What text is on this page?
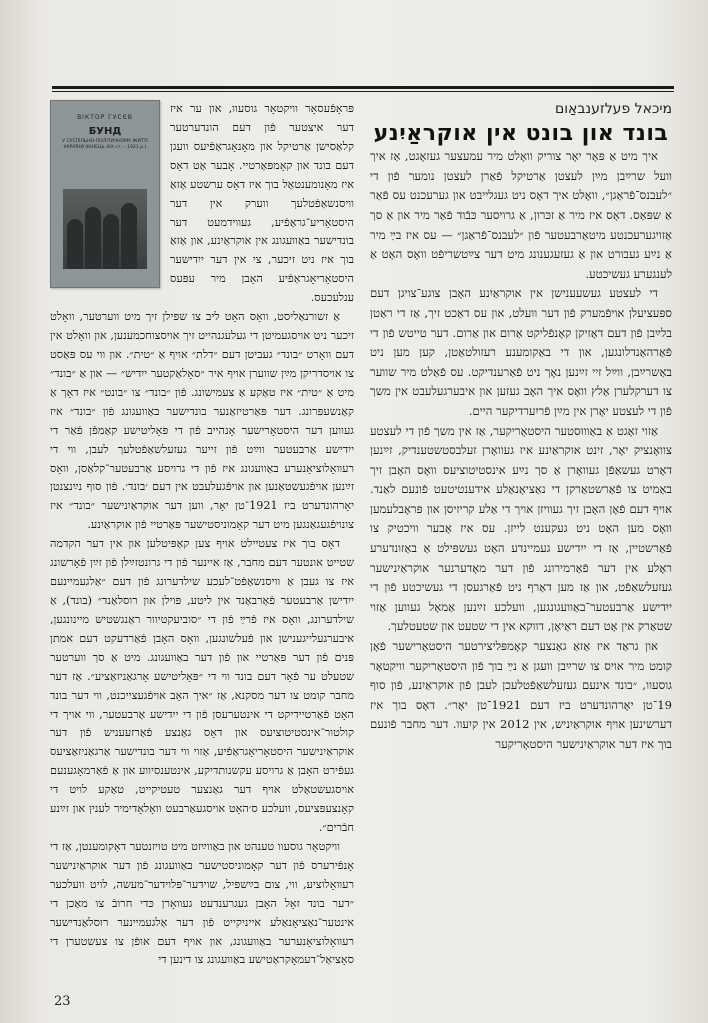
מיכאל פעלזענבאַום
בונד און בונט אין אוקראַיִנע

איך מיט אַ פּאָר יאָר צוריק וואָלט מיר עמעצער געזאָגט, אַז איך וועל שרײַבן מײַן לעצטן אַרטיקל פֿאַרן לעצטן נומער פֿון די ״לעבנס־פֿראַגן״, וואָלט איך דאָס ניט געגלייבט און גערעכנט עס פֿאַר אַ שפּאַס. דאָס איז מיר אַ זכּרון, אַ גרויסער כּבֿוד פֿאַר מיר און אַ סך אַזויגערעכנטע מיטאַרבעטער פֿון ״לעבנס־פֿראַגן״ — עס איז בײַ מיר אַ נײַע געבורט און אַ געזעגענונג מיט דער צײַטשריפֿט וואָס האָט אַ לענגערע געשיכטע.

די לעצטע געשעענישן אין אוקראַיִנע האָבן צוגע־צויגן דעם ספּעציעלן אויפֿמערק פֿון דער וועלט, און עס דאַכט זיך, אַז די ראַטן בלײַבן פֿון דעם דאָזיקן קאָנפֿליקט אַרום און אַרום. דער טייטש פֿון די פֿאַרהאַנדלונגען, און די באַקומענע רעזולטאַטן, קען מען ניט באַשרײַבן, ווײַל זיי זײַנען נאָך ניט פֿאַרענדיקט. עס פֿאַלט מיר שווער צו דערקלערן אַלץ וואָס איך האָב געזען און איבערגעלעבט אין משך פֿון די לעצטע יאָרן אין מײַן פֿריִערדיקער היים.

אַזוי זאָגט אַ באַוווּסטער היסטאָריקער, אַז אין משך פֿון די לעצטע צוואָנציק יאָר, זינט אוקראַיִנע איז געוואָרן זעלבסטשטענדיק, זײַנען דאָרט געשאַפֿן געוואָרן אַ סך נײַע אינסטיטוציעס וואָס האָבן זיך באַמיט צו פֿאַרשטאַרקן די נאַציאָנאַלע אידענטיטעט פֿונעם לאַנד. אויף דעם פֿאָן האָבן זיך געוויזן אויך די אַלע קריזיסן און פּראָבלעמען וואָס מען האָט ניט געקענט לייזן. עס איז אָבער וויכטיק צו פֿאַרשטיין, אַז די ייִדישע געמיינדע האָט געשפּילט אַ באַזונדערע ראָלע אין דער פֿאַרמירונג פֿון דער מאָדערנער אוקראַיִנישער געזעלשאַפֿט, און אַז מען דאַרף ניט פֿאַרגעסן די געשיכטע פֿון די ייִדישע אַרבעטער־באַוועגונגען, וועלכע זײַנען אַמאָל געווען אַזוי שטאַרק אין אָט דעם ראַיאָן, דווקא אין די שטעט און שטעטלעך.

און גראַד איז אַזאַ גאַנצער קאָמפּליצירטער היסטאָרישער פֿאָן קומט מיר אויס צו שרײַבן וועגן אַ נײַ בוך פֿון היסטאָריקער וויקטאָר גוסעוו, ״בונד אינעם געזעלשאַפֿטלעכן לעבן פֿון אוקראַיִנע, פֿון סוף 19־טן יאָרהונדערט ביז דעם 1921־טן יאָר״. דאָס בוך איז דערשינען אויף אוקראַיִניש, אין 2012 אין קיִעוו. דער מחבר פֿונעם בוך איז דער אוקראַיִנישער היסטאָריקער

ВІКТОР ГУСЄВ
БУНД
У СУСПІЛЬНО-ПОЛІТИЧНОМУ ЖИТТІ УКРАЇНИ (КІНЕЦЬ ХІХ ст. – 1921 р.)

פּראָפֿעסאָר וויקטאָר גוסעוו, און ער איז דער איצטער פֿון דעם הונדערטער קלאַסישן אַרטיקל און מאָנאָגראַפֿיעס וועגן דעם בונד און קאָמפּאַרטיי. אָבער אַט דאָס איז מאָנומענטאַל בוך איז דאָס ערשטע אַזאַ וויסנשאַפֿטלעך ווערק אין דער היסטאָריע־גראַפֿיע, געווידמעט דער בונדישער באַוועגונג אין אוקראַיִנע, און אַזאַ בוך איז ניט זיכער, צי אין דער ייִדישער היסטאָריאָגראַפֿיע האָבן מיר עפּעס ענלעכעס.

אַ זשורנאַליסט, וואָס האָט ליב צו שפּילן זיך מיט ווערטער, וואָלט זיכער ניט אויסגעמיטן די געלעגנהייט זיך אויסצוחכמענען, און וואָלט אין דעם וואָרט ״בונד״ געביטן דעם ״דלת״ אויף אַ ״טית״. און ווי עס פּאַסט צו אויסדריקן מײַן שווערן אויף איר ״סאָלאַקטער ייִדיש״ — און אַ ״בונד״ מיט אַ ״טית״ איז טאַקע אַ צעמישונג. פֿון ״בונד״ צו ״בונט״ איז דאָך אַ קאַנשעפּרונג. דער פּאַרטיזאַנער בונדישער באַוועגונג פֿון ״בונד״ איז געווען דער היסטאָרישער אָנהייב פֿון די פּאָליטישע קאַמפֿן פֿאַר די ייִדישע אַרבעטער ווײַט פֿון זייער געזעלשאַפֿטלעך לעבן, ווי די רעוואָלוציאָנערע באַוועגונג איז פֿון די גרויסע אַרבעטער־קלאַסן, וואָס זײַנען אויפֿגעשטאַנען און אויפֿגעלעבט אין דעם ׳בונד׳. פֿון סוף נײַנצנטן יאָרהונדערט ביז 1921־טן יאָר, ווען דער אוקראַיִנישער ״בונד״ איז צונױפֿגעגאַנגען מיט דער קאָמוניסטישער פּאַרטיי פֿון אוקראַיִנע.

דאָס בוך איז צעטיילט אויף צען קאַפּיטלען און אין דער הקדמה שטייט אונטער דעם מחבר, אַז איינער פֿון די גרונטזײַלן פֿון זײַן פֿאָרשונג איז צו געבן אַ וויסנשאַפֿט־לעכע שילדערונג פֿון דעם ״אַלגעמיינעם ייִדישן אַרבעטער פֿאַרבאַנד אין ליטע, פּוילן און רוסלאַנד״ (בונד), אַ שילדערונג, וואָס איז פֿרײַ פֿון די ״סוביעקטיוור ראַנגשטיש מיינונגען, איבערגעלייגענישן און פֿעלשונגען, וואָס האָבן פֿאַרדעקט דעם אמתן פּנים פֿון דער פּאַרטיי און פֿון דער באַוועגונג. מיט אַ סך ווערטער שטעלט ער פֿאָר דעם בונד ווי די ״פּאָליטישע אָרגאַניזאַציע״. אַז דער מחבר קומט צו דער מסקנא, אַז ״איך האָב אויפֿגעצייכנט, ווי דער בונד האָט פֿאַרטיידיקט די אינטערעסן פֿון די ייִדישע אַרבעטער, ווי אויך די קולטור־אינסטיטוציעס און דאָס גאַנצע פֿאַרזעעניש פֿון דער אוקראַיִנישער היסטאָריאָגראַפֿיע, אַזוי ווי דער בונדישער אַרגאַניזאַציעס געפֿירט האָבן אַ גרויסע עקשנותדיקע, אינטענסיווע און אַ פֿאַרמאָגענעם אויסגעשטאַלט אויף דער גאַנצער טעטיקייט, טאַקע לויט די קאָנצעפּציעס, וועלכע ס׳האָט אויסגעאַרבעט וואָלאָדימיר לענין און זײַנע חבֿרים״.

וויקטאָר גוסעוו טענהט און באַווײַזט מיט טויזנטער דאָקומענטן, אַז די אָנפֿירערס פֿון דער קאָמוניסטישער באַוועגונג פֿון דער אוקראַיִנישער רעוואָלוציע, ווי, צום בײַשפּיל, שוידער־פּלוידער־מעשה, לויט וועלכער ״דער בונד זאָל האָבן געגרענדעט געוואָרן כּדי חרובֿ צו מאַכן די אינטער־נאַציאָנאַלע אייניקייט פֿון דער אַלגעמיינער רוסלאַנדישער רעוואָלוציאָנערער באַוועגונג, און אויף דעם אופֿן צו צעשטערן די סאָציאַל־דעמאָקראַטישע באַוועגונג צו דינען די

23
